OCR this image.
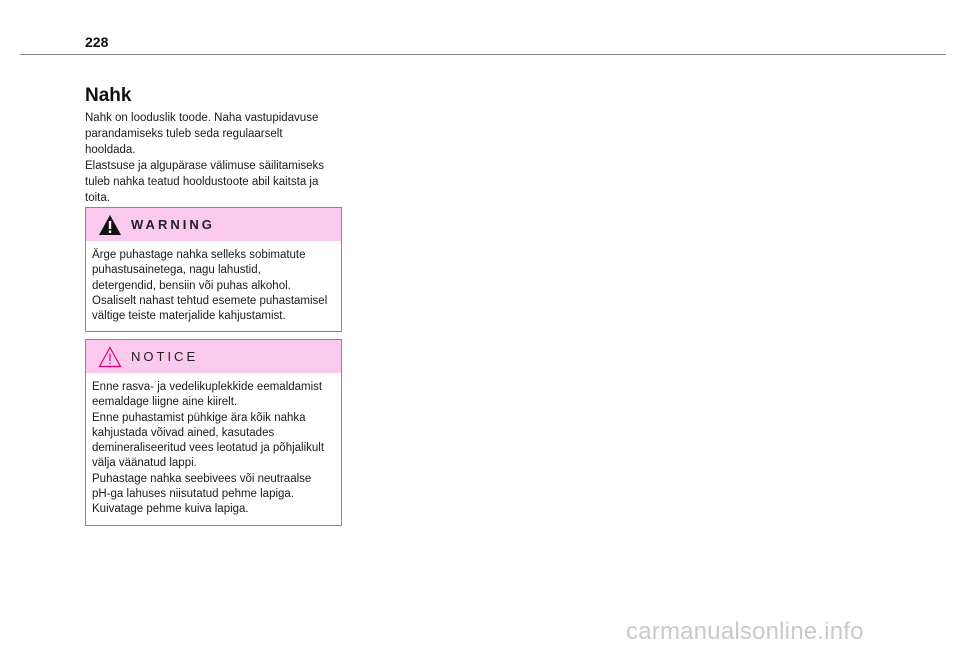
228
Nahk

Nahk on looduslik toode. Naha vastupidavuse
parandamiseks tuleb seda regulaarselt
hooldada.
Elastsuse ja algupärase välimuse säilitamiseks
tuleb nahka teatud hooldustoote abil kaitsta ja
toita.

WARNING

Ärge puhastage nahka selleks sobimatute
puhastusainetega, nagu lahustid,
detergendid, bensiin või puhas alkohol.
Osaliselt nahast tehtud esemete puhastamisel
vältige teiste materjalide kahjustamist.

NOTICE

Enne rasva- ja vedelikuplekkide eemaldamist
eemaldage liigne aine kiirelt.
Enne puhastamist pühkige ära kõik nahka
kahjustada võivad ained, kasutades
demineraliseeritud vees leotatud ja põhjalikult
välja väänatud lappi.
Puhastage nahka seebivees või neutraalse
pH-ga lahuses niisutatud pehme lapiga.
Kuivatage pehme kuiva lapiga.

carmanualsonline.info
